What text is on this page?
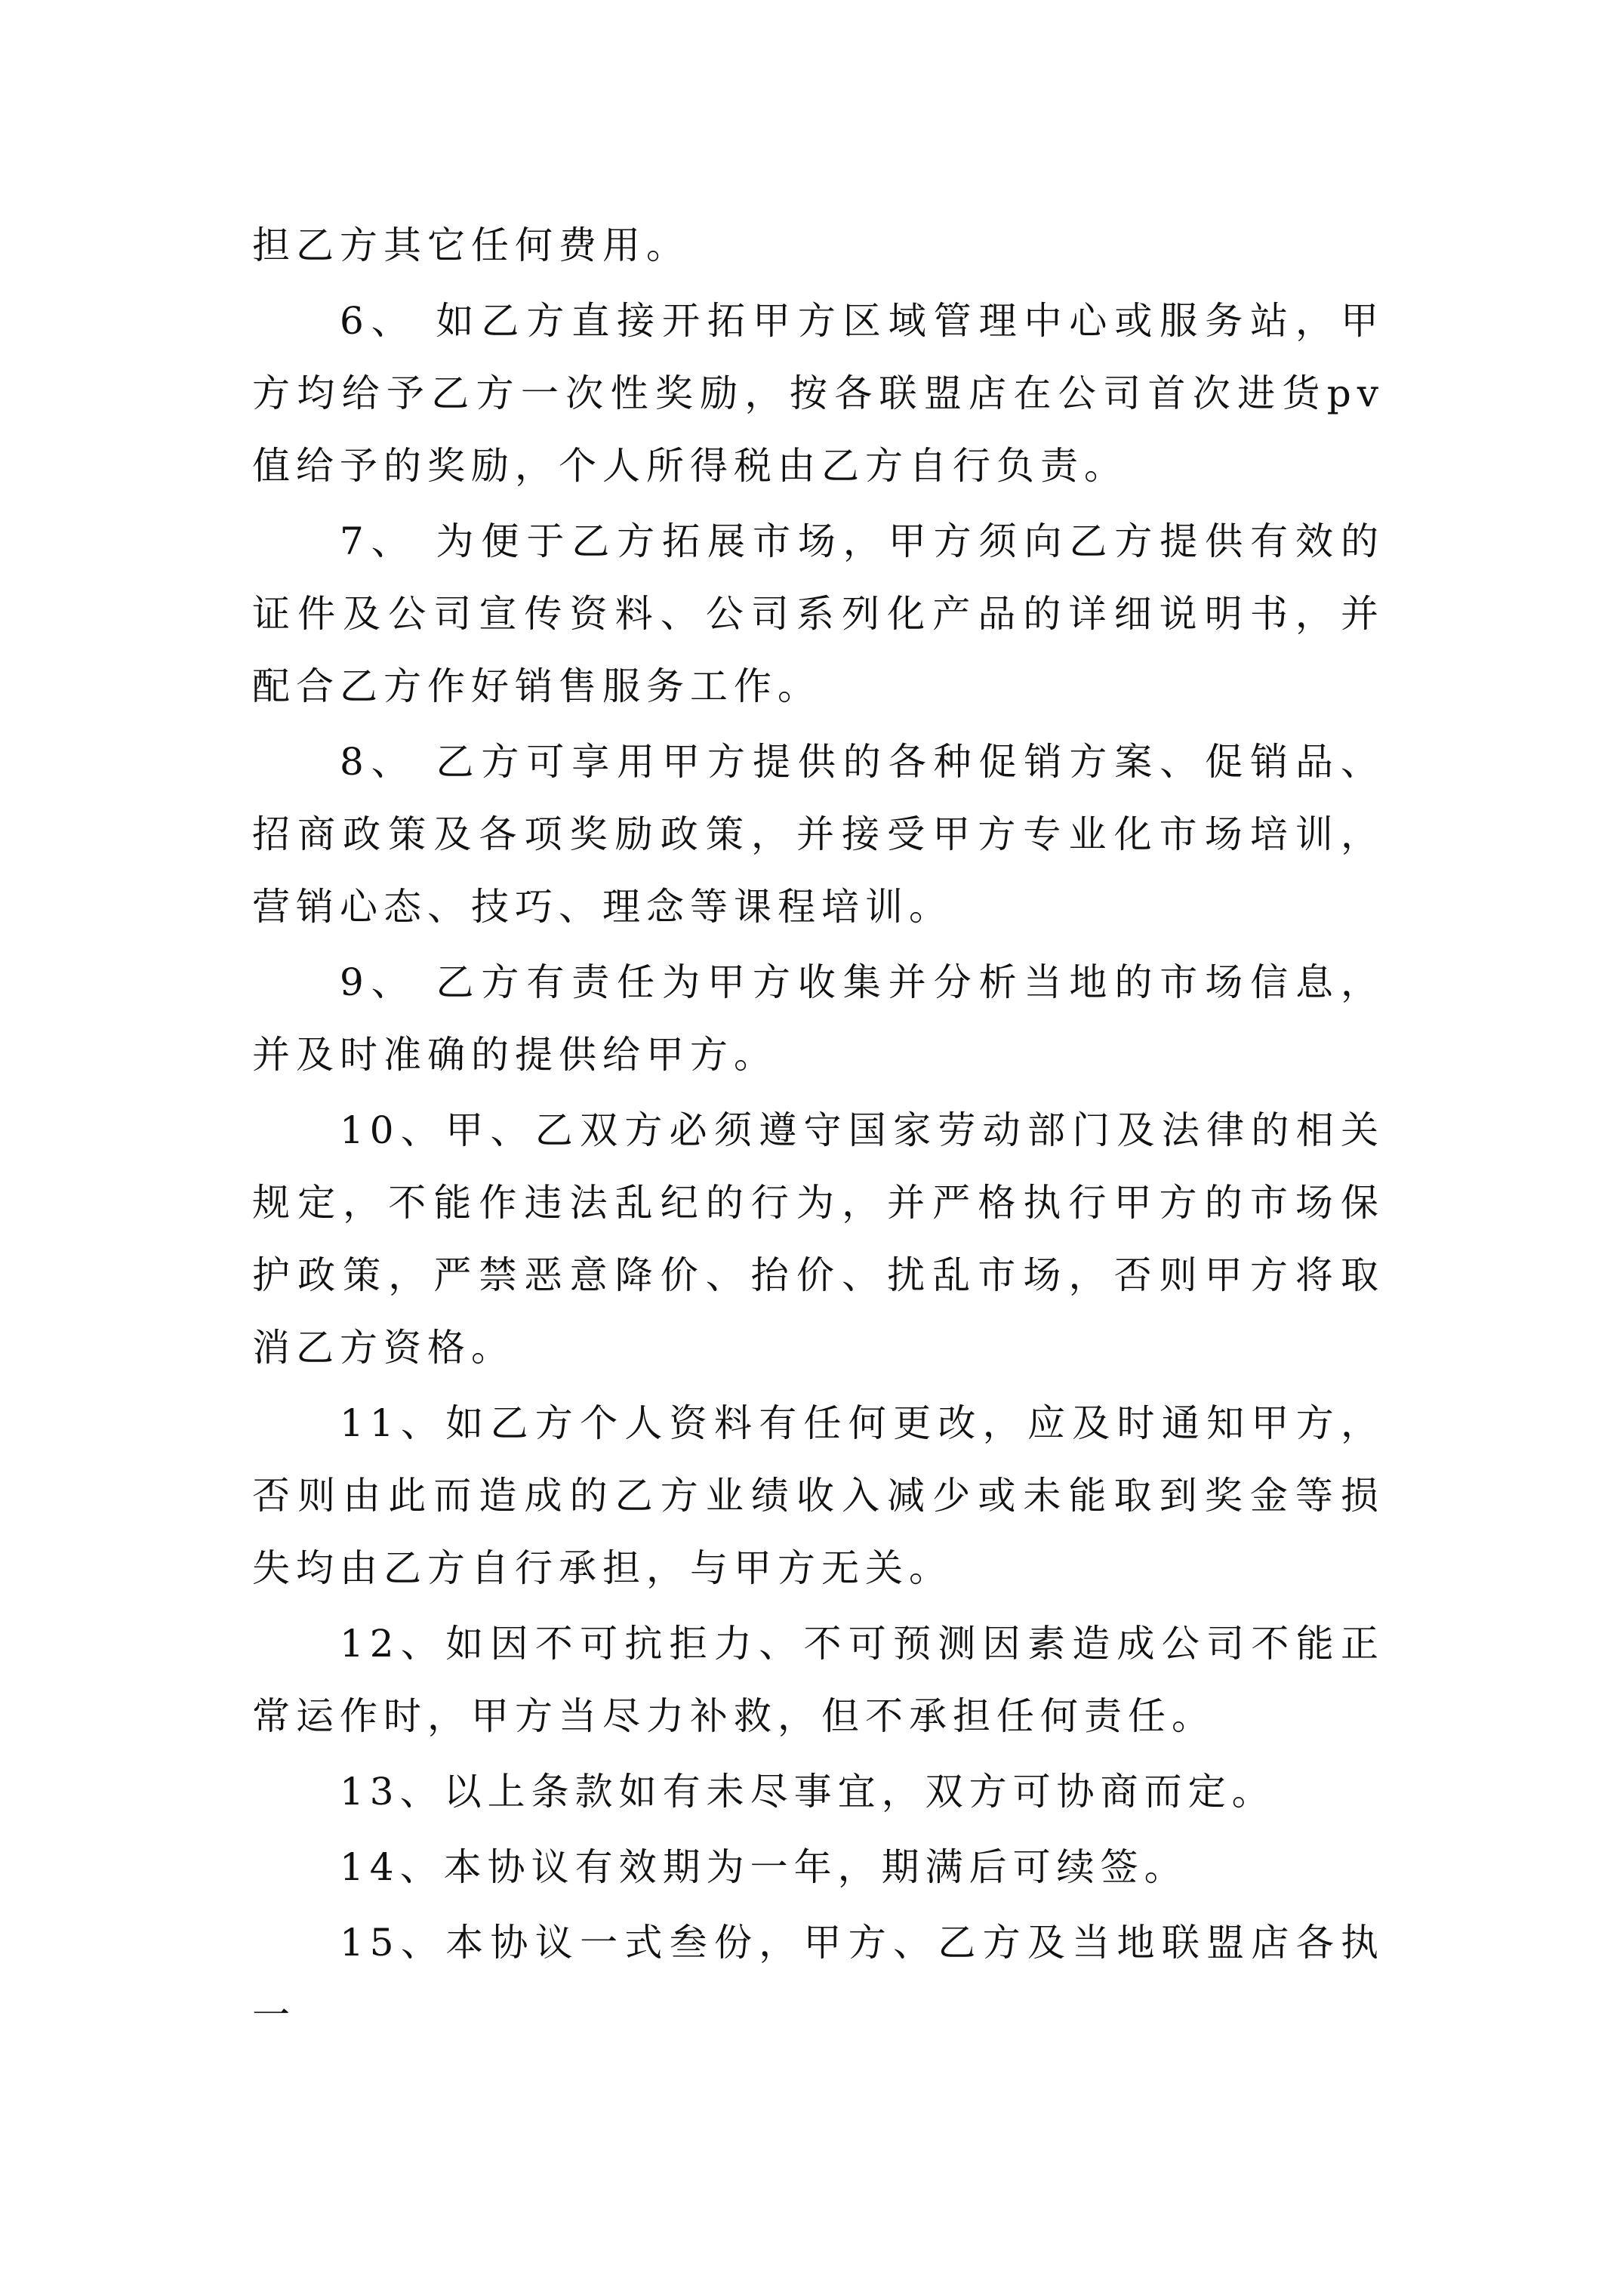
担乙方其它任何费用。

6、 如乙方直接开拓甲方区域管理中心或服务站，甲方均给予乙方一次性奖励，按各联盟店在公司首次进货pv值给予的奖励，个人所得税由乙方自行负责。

7、 为便于乙方拓展市场，甲方须向乙方提供有效的证件及公司宣传资料、公司系列化产品的详细说明书，并配合乙方作好销售服务工作。

8、 乙方可享用甲方提供的各种促销方案、促销品、招商政策及各项奖励政策，并接受甲方专业化市场培训，营销心态、技巧、理念等课程培训。

9、 乙方有责任为甲方收集并分析当地的市场信息，并及时准确的提供给甲方。

10、甲、乙双方必须遵守国家劳动部门及法律的相关规定，不能作违法乱纪的行为，并严格执行甲方的市场保护政策，严禁恶意降价、抬价、扰乱市场，否则甲方将取消乙方资格。

11、如乙方个人资料有任何更改，应及时通知甲方，否则由此而造成的乙方业绩收入减少或未能取到奖金等损失均由乙方自行承担，与甲方无关。

12、如因不可抗拒力、不可预测因素造成公司不能正常运作时，甲方当尽力补救，但不承担任何责任。

13、以上条款如有未尽事宜，双方可协商而定。

14、本协议有效期为一年，期满后可续签。

15、本协议一式叁份，甲方、乙方及当地联盟店各执一
